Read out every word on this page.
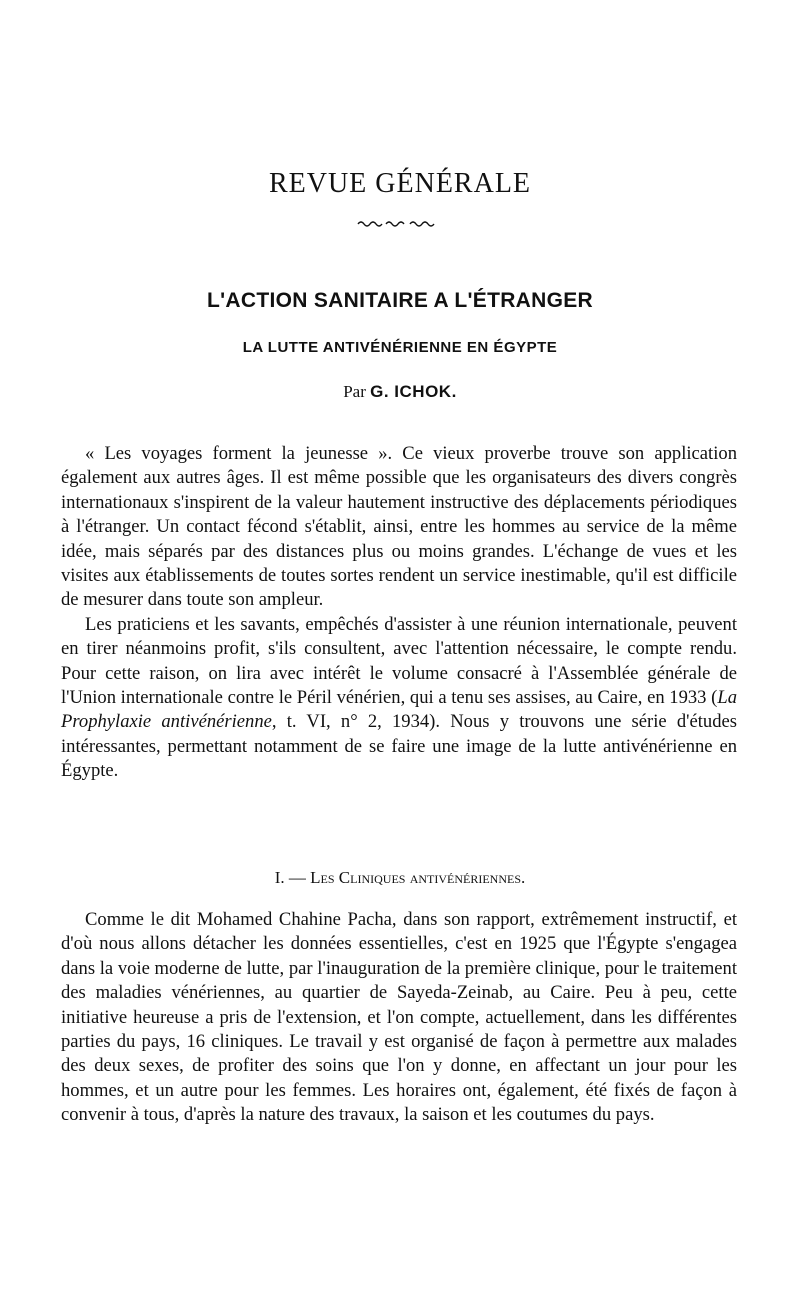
REVUE GÉNÉRALE
L'ACTION SANITAIRE A L'ÉTRANGER
LA LUTTE ANTIVÉNÉRIENNE EN ÉGYPTE
Par G. ICHOK.

« Les voyages forment la jeunesse ». Ce vieux proverbe trouve son application également aux autres âges. Il est même possible que les organisateurs des divers congrès internationaux s'inspirent de la valeur hautement instructive des déplacements périodiques à l'étranger. Un contact fécond s'établit, ainsi, entre les hommes au service de la même idée, mais séparés par des distances plus ou moins grandes. L'échange de vues et les visites aux établissements de toutes sortes rendent un service inestimable, qu'il est difficile de mesurer dans toute son ampleur.

Les praticiens et les savants, empêchés d'assister à une réunion internationale, peuvent en tirer néanmoins profit, s'ils consultent, avec l'attention nécessaire, le compte rendu. Pour cette raison, on lira avec intérêt le volume consacré à l'Assemblée générale de l'Union internationale contre le Péril vénérien, qui a tenu ses assises, au Caire, en 1933 (La Prophylaxie antivénérienne, t. VI, n° 2, 1934). Nous y trouvons une série d'études intéressantes, permettant notamment de se faire une image de la lutte antivénérienne en Égypte.

I. — Les Cliniques antivénériennes.

Comme le dit Mohamed Chahine Pacha, dans son rapport, extrêmement instructif, et d'où nous allons détacher les données essentielles, c'est en 1925 que l'Égypte s'engagea dans la voie moderne de lutte, par l'inauguration de la première clinique, pour le traitement des maladies vénériennes, au quartier de Sayeda-Zeinab, au Caire. Peu à peu, cette initiative heureuse a pris de l'extension, et l'on compte, actuellement, dans les différentes parties du pays, 16 cliniques. Le travail y est organisé de façon à permettre aux malades des deux sexes, de profiter des soins que l'on y donne, en affectant un jour pour les hommes, et un autre pour les femmes. Les horaires ont, également, été fixés de façon à convenir à tous, d'après la nature des travaux, la saison et les coutumes du pays.
